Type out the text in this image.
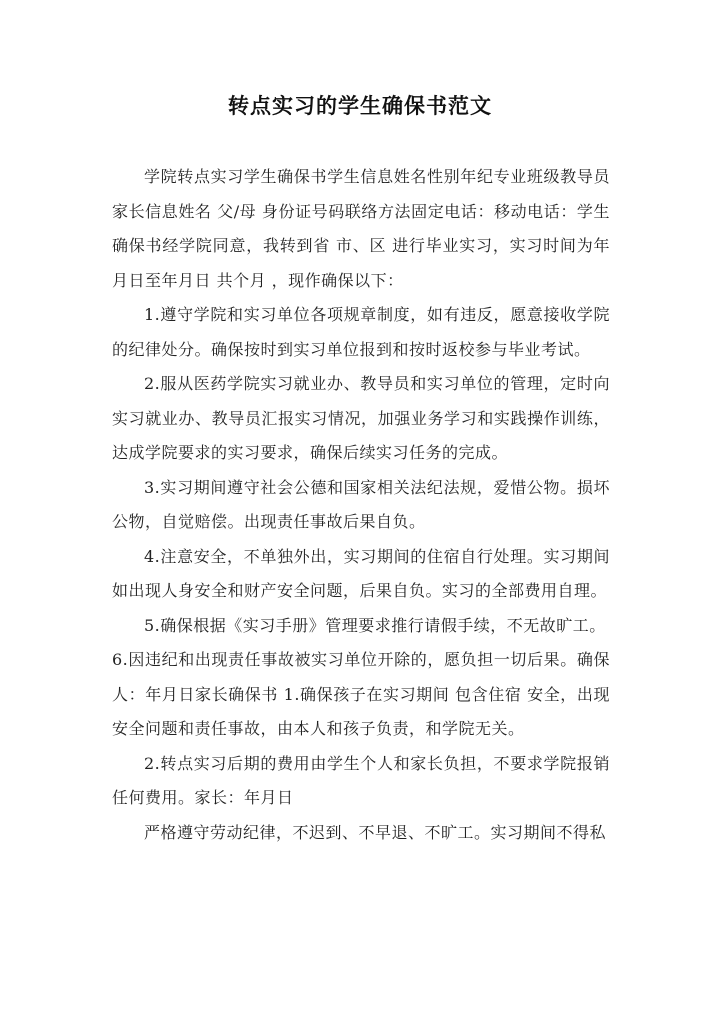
转点实习的学生确保书范文

学院转点实习学生确保书学生信息姓名性别年纪专业班级教导员家长信息姓名 父/母 身份证号码联络方法固定电话：移动电话：学生确保书经学院同意，我转到省 市、区 进行毕业实习，实习时间为年月日至年月日 共个月 ，现作确保以下：

1.遵守学院和实习单位各项规章制度，如有违反，愿意接收学院的纪律处分。确保按时到实习单位报到和按时返校参与毕业考试。

2.服从医药学院实习就业办、教导员和实习单位的管理，定时向实习就业办、教导员汇报实习情况，加强业务学习和实践操作训练，达成学院要求的实习要求，确保后续实习任务的完成。

3.实习期间遵守社会公德和国家相关法纪法规，爱惜公物。损坏公物，自觉赔偿。出现责任事故后果自负。

4.注意安全，不单独外出，实习期间的住宿自行处理。实习期间如出现人身安全和财产安全问题，后果自负。实习的全部费用自理。

5.确保根据《实习手册》管理要求推行请假手续，不无故旷工。

6.因违纪和出现责任事故被实习单位开除的，愿负担一切后果。确保人：年月日家长确保书 1.确保孩子在实习期间 包含住宿 安全，出现安全问题和责任事故，由本人和孩子负责，和学院无关。

2.转点实习后期的费用由学生个人和家长负担，不要求学院报销任何费用。家长：年月日

严格遵守劳动纪律，不迟到、不早退、不旷工。实习期间不得私
